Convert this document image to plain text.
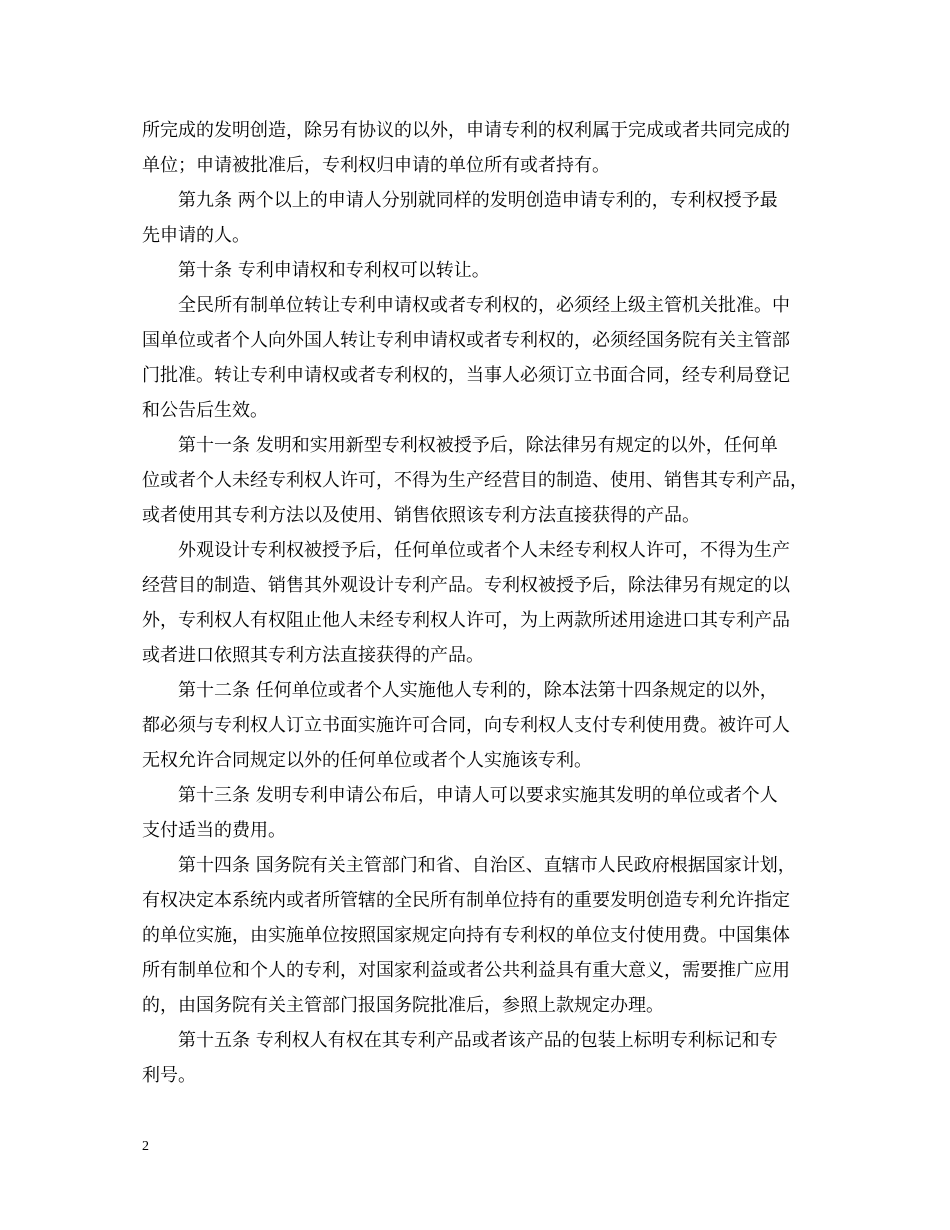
所完成的发明创造，除另有协议的以外，申请专利的权利属于完成或者共同完成的
单位；申请被批准后，专利权归申请的单位所有或者持有。
第九条 两个以上的申请人分别就同样的发明创造申请专利的，专利权授予最
先申请的人。
第十条 专利申请权和专利权可以转让。
全民所有制单位转让专利申请权或者专利权的，必须经上级主管机关批准。中
国单位或者个人向外国人转让专利申请权或者专利权的，必须经国务院有关主管部
门批准。转让专利申请权或者专利权的，当事人必须订立书面合同，经专利局登记
和公告后生效。
第十一条 发明和实用新型专利权被授予后，除法律另有规定的以外，任何单
位或者个人未经专利权人许可，不得为生产经营目的制造、使用、销售其专利产品，
或者使用其专利方法以及使用、销售依照该专利方法直接获得的产品。
外观设计专利权被授予后，任何单位或者个人未经专利权人许可，不得为生产
经营目的制造、销售其外观设计专利产品。专利权被授予后，除法律另有规定的以
外，专利权人有权阻止他人未经专利权人许可，为上两款所述用途进口其专利产品
或者进口依照其专利方法直接获得的产品。
第十二条 任何单位或者个人实施他人专利的，除本法第十四条规定的以外，
都必须与专利权人订立书面实施许可合同，向专利权人支付专利使用费。被许可人
无权允许合同规定以外的任何单位或者个人实施该专利。
第十三条 发明专利申请公布后，申请人可以要求实施其发明的单位或者个人
支付适当的费用。
第十四条 国务院有关主管部门和省、自治区、直辖市人民政府根据国家计划，
有权决定本系统内或者所管辖的全民所有制单位持有的重要发明创造专利允许指定
的单位实施，由实施单位按照国家规定向持有专利权的单位支付使用费。中国集体
所有制单位和个人的专利，对国家利益或者公共利益具有重大意义，需要推广应用
的，由国务院有关主管部门报国务院批准后，参照上款规定办理。
第十五条 专利权人有权在其专利产品或者该产品的包装上标明专利标记和专
利号。
2
